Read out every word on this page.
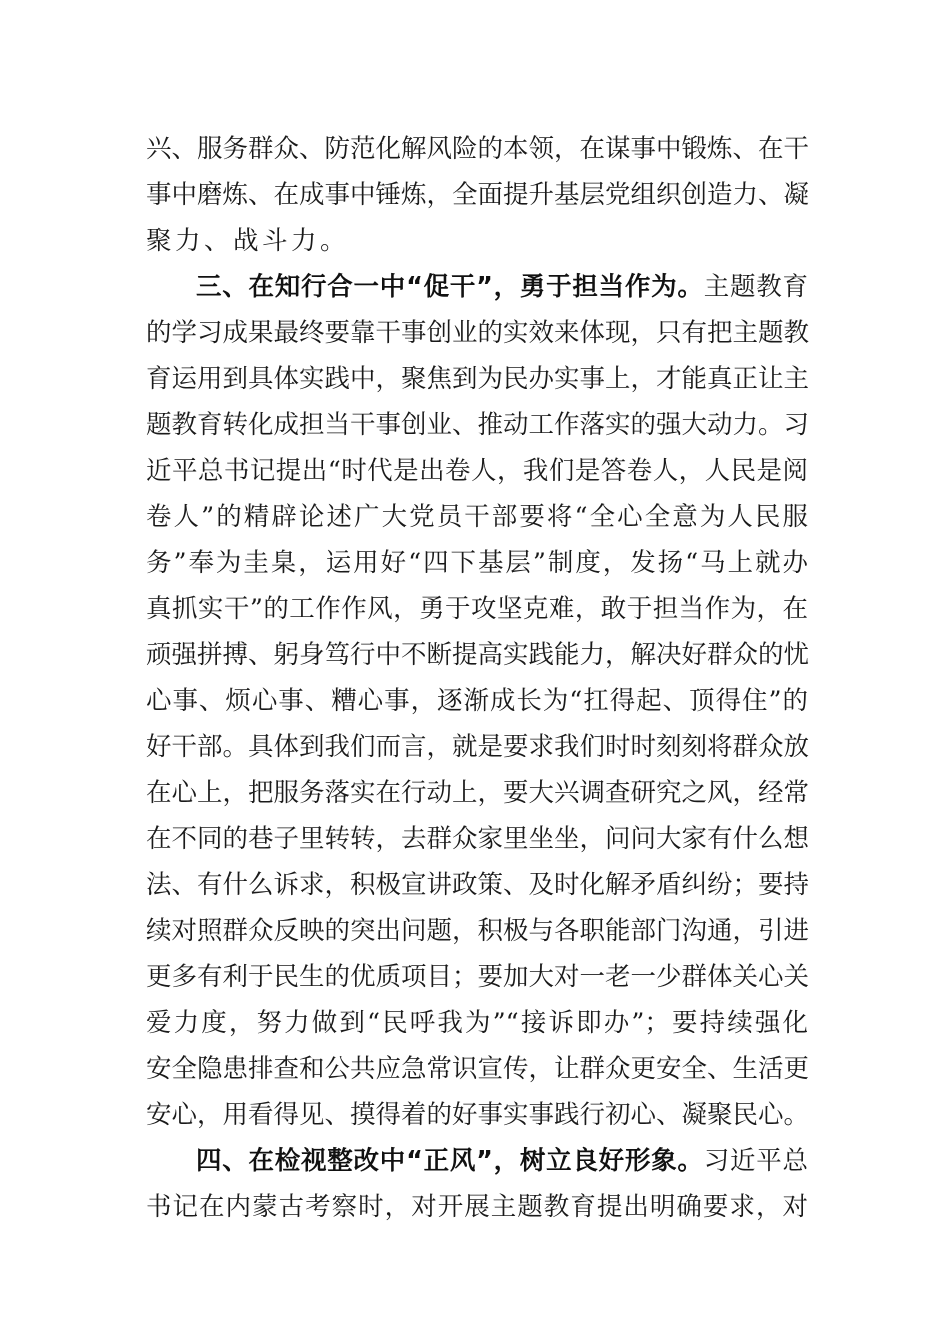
兴、服务群众、防范化解风险的本领，在谋事中锻炼、在干
事中磨炼、在成事中锤炼，全面提升基层党组织创造力、凝
聚力、战斗力。
三、在知行合一中“促干”，勇于担当作为。主题教育
的学习成果最终要靠干事创业的实效来体现，只有把主题教
育运用到具体实践中，聚焦到为民办实事上，才能真正让主
题教育转化成担当干事创业、推动工作落实的强大动力。习
近平总书记提出“时代是出卷人，我们是答卷人，人民是阅
卷人”的精辟论述广大党员干部要将“全心全意为人民服
务”奉为圭臬，运用好“四下基层”制度，发扬“马上就办
真抓实干”的工作作风，勇于攻坚克难，敢于担当作为，在
顽强拼搏、躬身笃行中不断提高实践能力，解决好群众的忧
心事、烦心事、糟心事，逐渐成长为“扛得起、顶得住”的
好干部。具体到我们而言，就是要求我们时时刻刻将群众放
在心上，把服务落实在行动上，要大兴调查研究之风，经常
在不同的巷子里转转，去群众家里坐坐，问问大家有什么想
法、有什么诉求，积极宣讲政策、及时化解矛盾纠纷；要持
续对照群众反映的突出问题，积极与各职能部门沟通，引进
更多有利于民生的优质项目；要加大对一老一少群体关心关
爱力度，努力做到“民呼我为”“接诉即办”；要持续强化
安全隐患排查和公共应急常识宣传，让群众更安全、生活更
安心，用看得见、摸得着的好事实事践行初心、凝聚民心。
四、在检视整改中“正风”，树立良好形象。习近平总
书记在内蒙古考察时，对开展主题教育提出明确要求，对
